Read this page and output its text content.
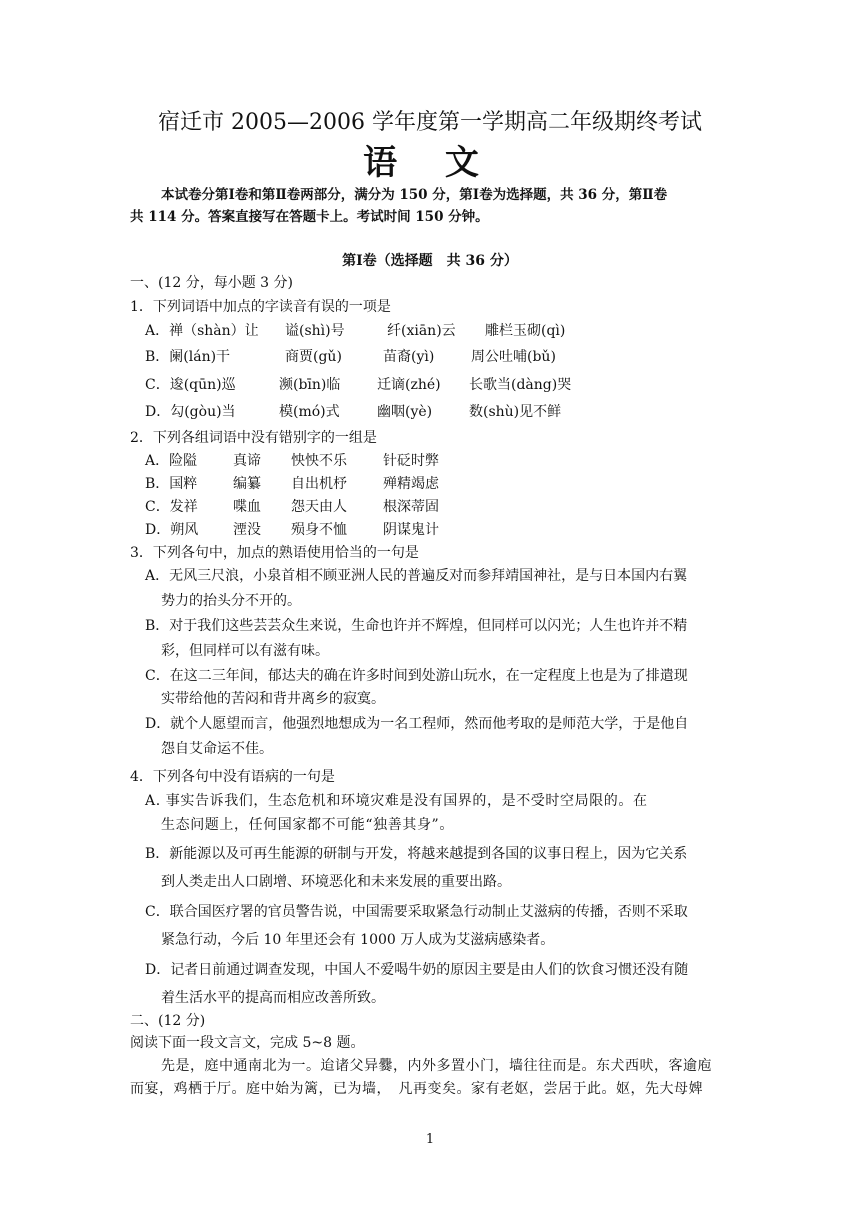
宿迁市 2005—2006 学年度第一学期高二年级期终考试
语 文
本试卷分第Ⅰ卷和第Ⅱ卷两部分，满分为 150 分，第Ⅰ卷为选择题，共 36 分，第Ⅱ卷
共 114 分。答案直接写在答题卡上。考试时间 150 分钟。
第Ⅰ卷（选择题　共 36 分）
一、(12 分，每小题 3 分)
1．下列词语中加点的字读音有误的一项是
A．禅（shàn）让 谥(shì)号	纤(xiān)云 雕栏玉砌(qì)
B．阑(lán)干	商贾(gǔ)	苗裔(yì)	周公吐哺(bǔ)
C．逡(qūn)巡	濒(bīn)临	迁谪(zhé) 长歌当(dàng)哭
D．勾(gòu)当	模(mó)式	幽咽(yè)	数(shù)见不鲜
2．下列各组词语中没有错别字的一组是
A．险隘	真谛 怏怏不乐	针砭时弊
B．国粹	编纂 自出机杼	殚精竭虑
C．发祥	喋血 怨天由人	根深蒂固
D．朔风 湮没 殒身不恤	阴谋鬼计
3．下列各句中，加点的熟语使用恰当的一句是
A．无风三尺浪，小泉首相不顾亚洲人民的普遍反对而参拜靖国神社，是与日本国内右翼
势力的抬头分不开的。
B．对于我们这些芸芸众生来说，生命也许并不辉煌，但同样可以闪光；人生也许并不精
彩，但同样可以有滋有味。
C．在这二三年间，郁达夫的确在许多时间到处游山玩水，在一定程度上也是为了排遣现
实带给他的苦闷和背井离乡的寂寞。
D．就个人愿望而言，他强烈地想成为一名工程师，然而他考取的是师范大学，于是他自
怨自艾命运不佳。
4．下列各句中没有语病的一句是
A. 事实告诉我们，生态危机和环境灾难是没有国界的，是不受时空局限的。在
生态问题上，任何国家都不可能“独善其身”。
B．新能源以及可再生能源的研制与开发，将越来越提到各国的议事日程上，因为它关系
到人类走出人口剧增、环境恶化和未来发展的重要出路。
C．联合国医疗署的官员警告说，中国需要采取紧急行动制止艾滋病的传播，否则不采取
紧急行动，今后 10 年里还会有 1000 万人成为艾滋病感染者。
D．记者日前通过调查发现，中国人不爱喝牛奶的原因主要是由人们的饮食习惯还没有随
着生活水平的提高而相应改善所致。
二、(12 分)
阅读下面一段文言文，完成 5~8 题。
先是，庭中通南北为一。迨诸父异爨，内外多置小门，墙往往而是。东犬西吠，客逾庖
而宴，鸡栖于厅。庭中始为篱，已为墙，　凡再变矣。家有老妪，尝居于此。妪，先大母婢
1
